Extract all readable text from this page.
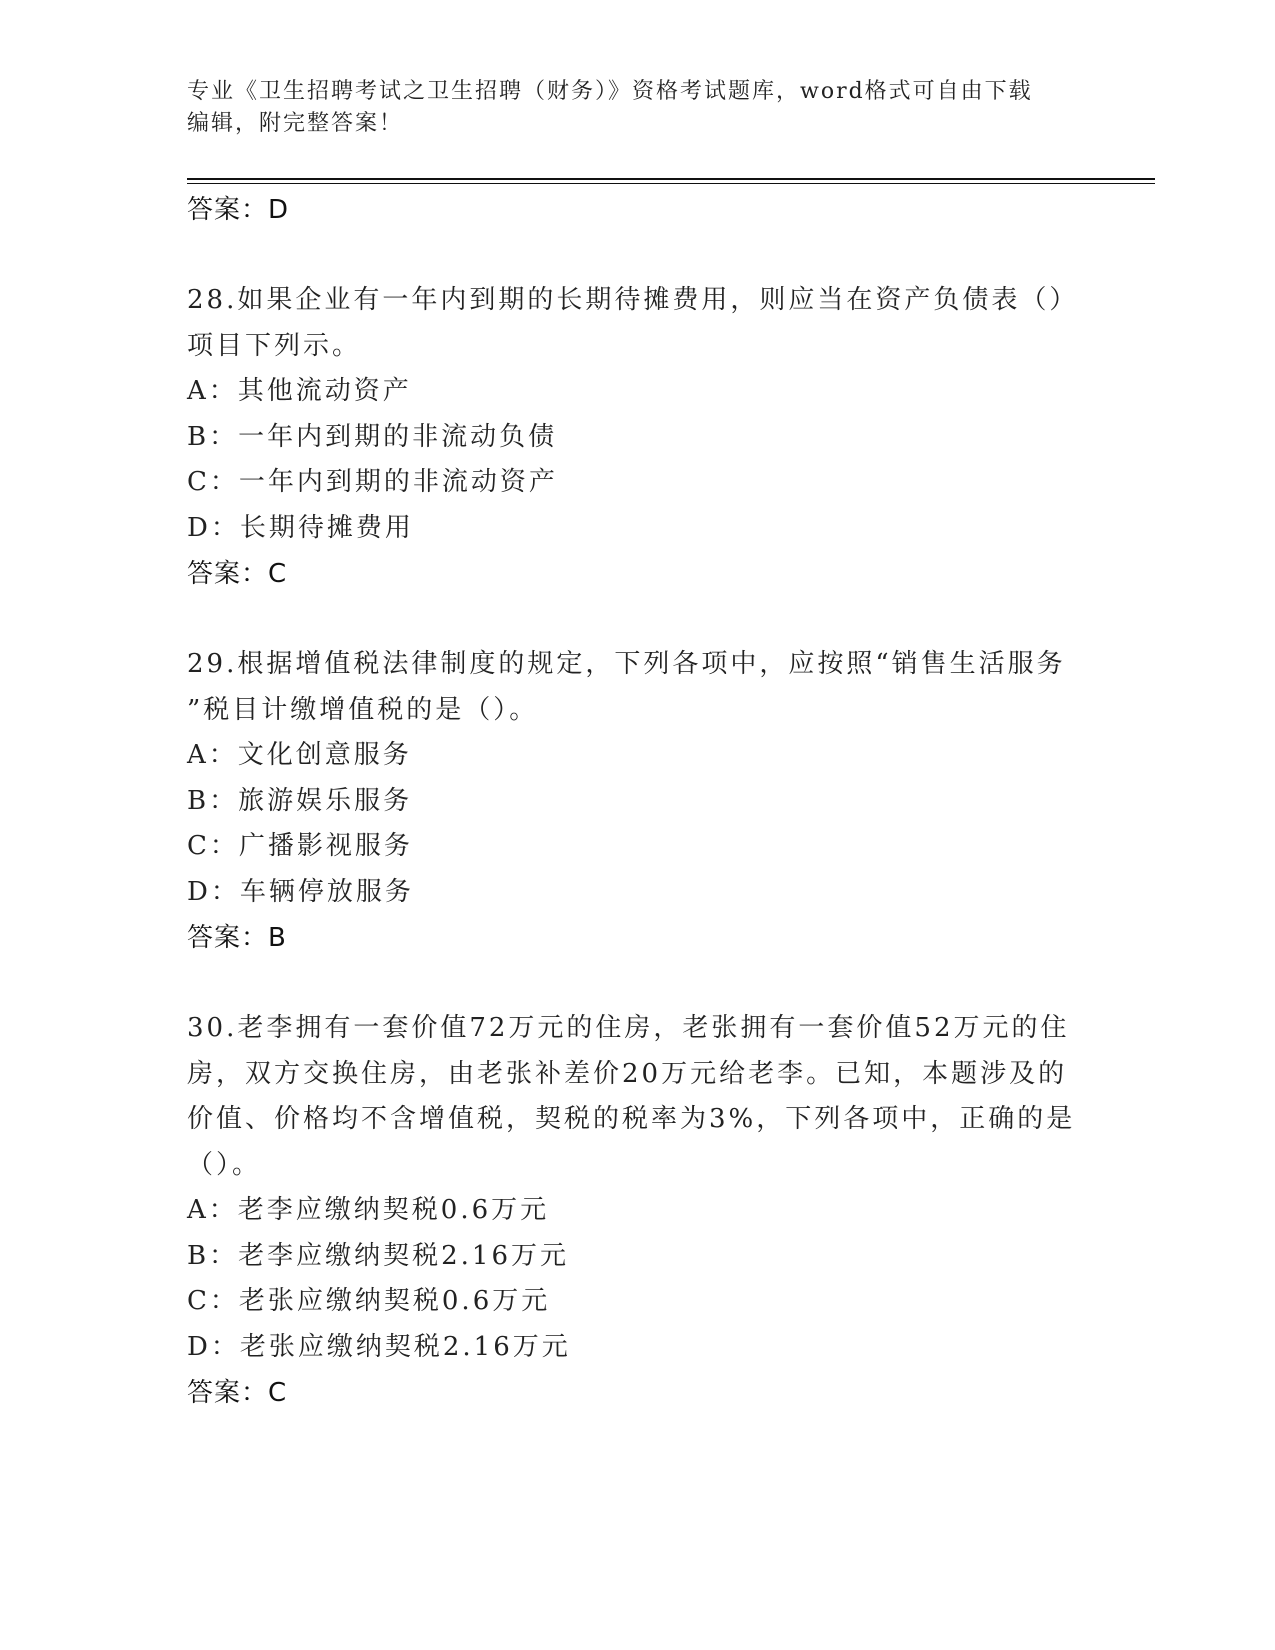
专业《卫生招聘考试之卫生招聘（财务）》资格考试题库，word格式可自由下载
编辑，附完整答案！
答案：D
28.如果企业有一年内到期的长期待摊费用，则应当在资产负债表（）
项目下列示。
A：其他流动资产
B：一年内到期的非流动负债
C：一年内到期的非流动资产
D：长期待摊费用
答案：C
29.根据增值税法律制度的规定，下列各项中，应按照“销售生活服务
”税目计缴增值税的是（）。
A：文化创意服务
B：旅游娱乐服务
C：广播影视服务
D：车辆停放服务
答案：B
30.老李拥有一套价值72万元的住房，老张拥有一套价值52万元的住
房，双方交换住房，由老张补差价20万元给老李。已知，本题涉及的
价值、价格均不含增值税，契税的税率为3%，下列各项中，正确的是
（）。
A：老李应缴纳契税0.6万元
B：老李应缴纳契税2.16万元
C：老张应缴纳契税0.6万元
D：老张应缴纳契税2.16万元
答案：C
